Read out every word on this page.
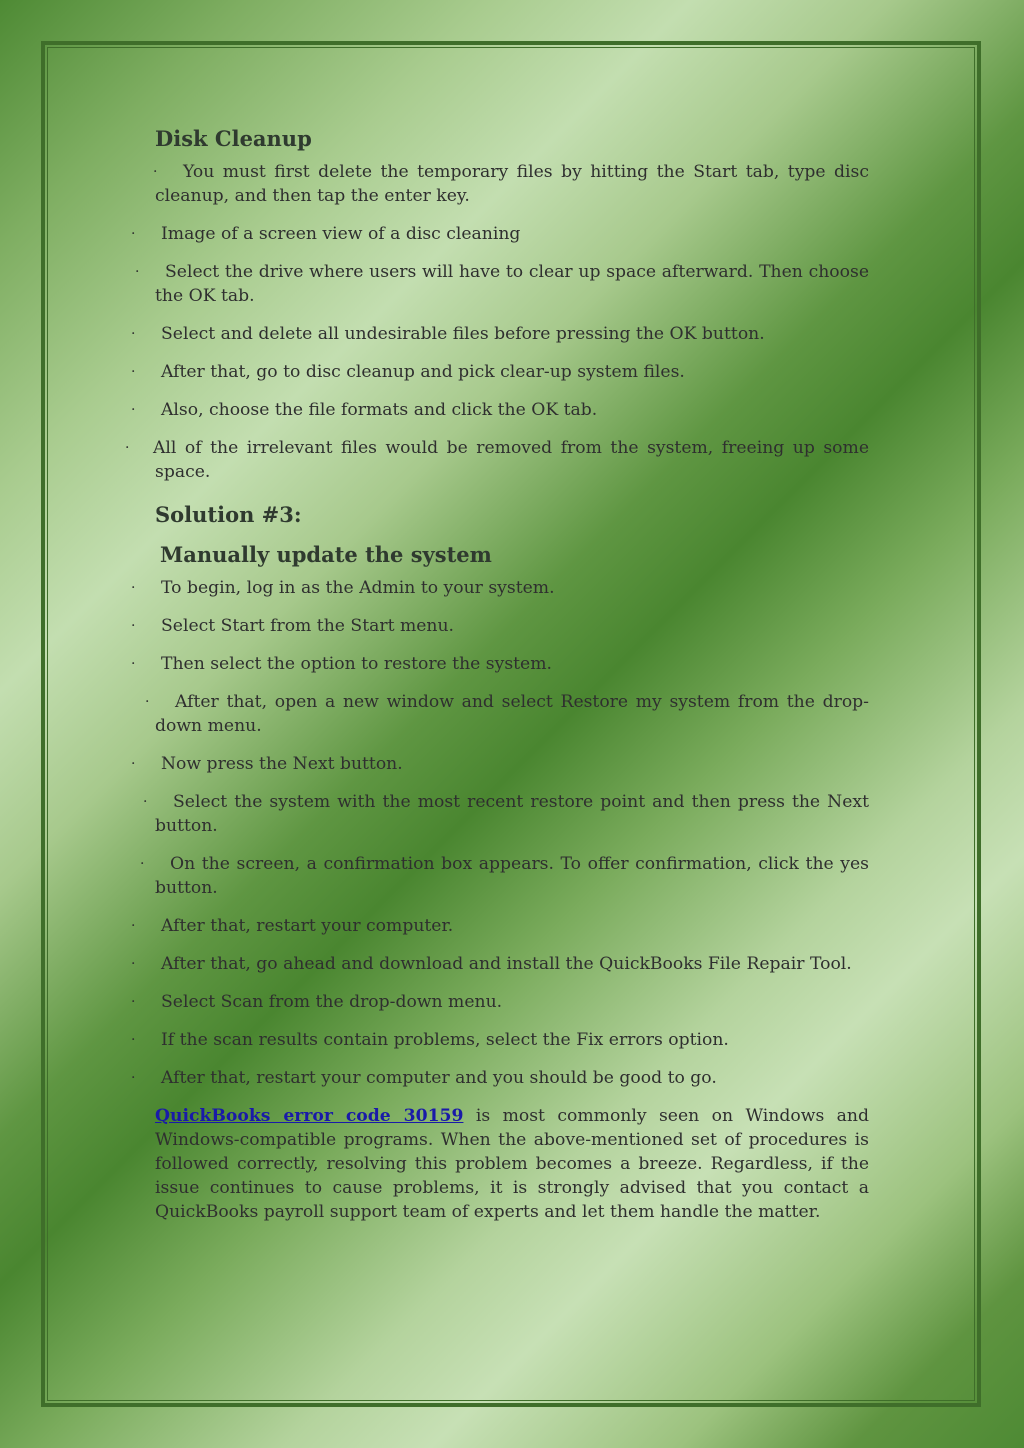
Disk Cleanup
· You must first delete the temporary files by hitting the Start tab, type disc cleanup, and then tap the enter key.
· Image of a screen view of a disc cleaning
· Select the drive where users will have to clear up space afterward. Then choose the OK tab.
· Select and delete all undesirable files before pressing the OK button.
· After that, go to disc cleanup and pick clear-up system files.
· Also, choose the file formats and click the OK tab.
· All of the irrelevant files would be removed from the system, freeing up some space.
Solution #3:
Manually update the system
· To begin, log in as the Admin to your system.
· Select Start from the Start menu.
· Then select the option to restore the system.
· After that, open a new window and select Restore my system from the drop-down menu.
· Now press the Next button.
· Select the system with the most recent restore point and then press the Next button.
· On the screen, a confirmation box appears. To offer confirmation, click the yes button.
· After that, restart your computer.
· After that, go ahead and download and install the QuickBooks File Repair Tool.
· Select Scan from the drop-down menu.
· If the scan results contain problems, select the Fix errors option.
· After that, restart your computer and you should be good to go.

QuickBooks error code 30159 is most commonly seen on Windows and Windows-compatible programs. When the above-mentioned set of procedures is followed correctly, resolving this problem becomes a breeze. Regardless, if the issue continues to cause problems, it is strongly advised that you contact a QuickBooks payroll support team of experts and let them handle the matter.
